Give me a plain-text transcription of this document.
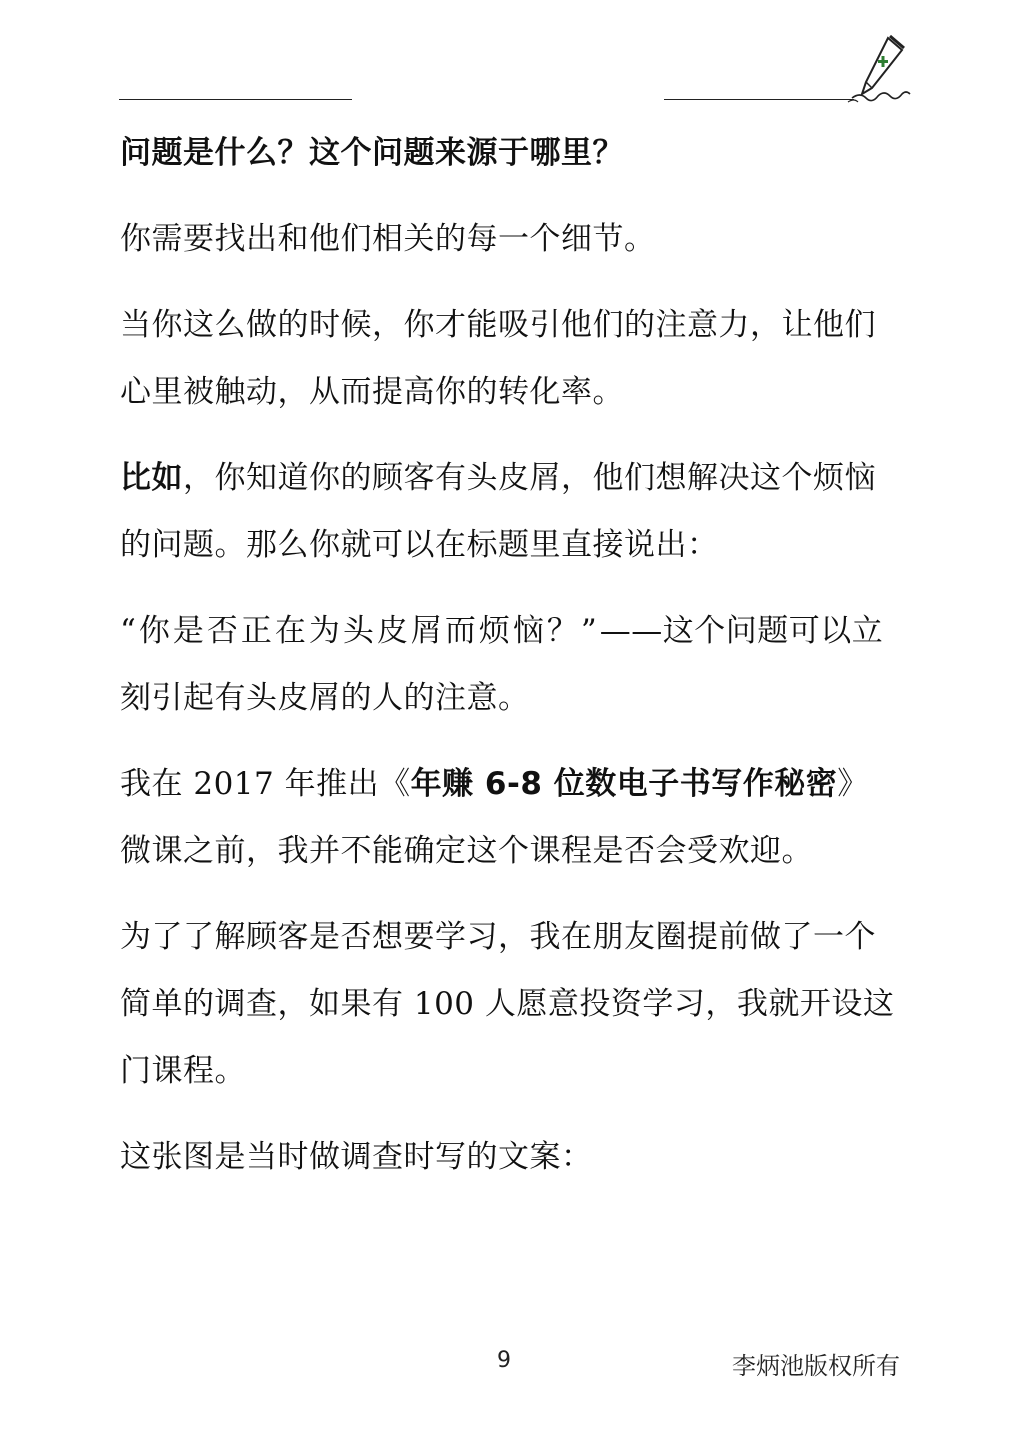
问题是什么？这个问题来源于哪里？

你需要找出和他们相关的每一个细节。

当你这么做的时候，你才能吸引他们的注意力，让他们心里被触动，从而提高你的转化率。

比如，你知道你的顾客有头皮屑，他们想解决这个烦恼的问题。那么你就可以在标题里直接说出：

“你是否正在为头皮屑而烦恼？”——这个问题可以立刻引起有头皮屑的人的注意。

我在 2017 年推出《年赚 6-8 位数电子书写作秘密》微课之前，我并不能确定这个课程是否会受欢迎。

为了了解顾客是否想要学习，我在朋友圈提前做了一个简单的调查，如果有 100 人愿意投资学习，我就开设这门课程。

这张图是当时做调查时写的文案：

9	李炳池版权所有
